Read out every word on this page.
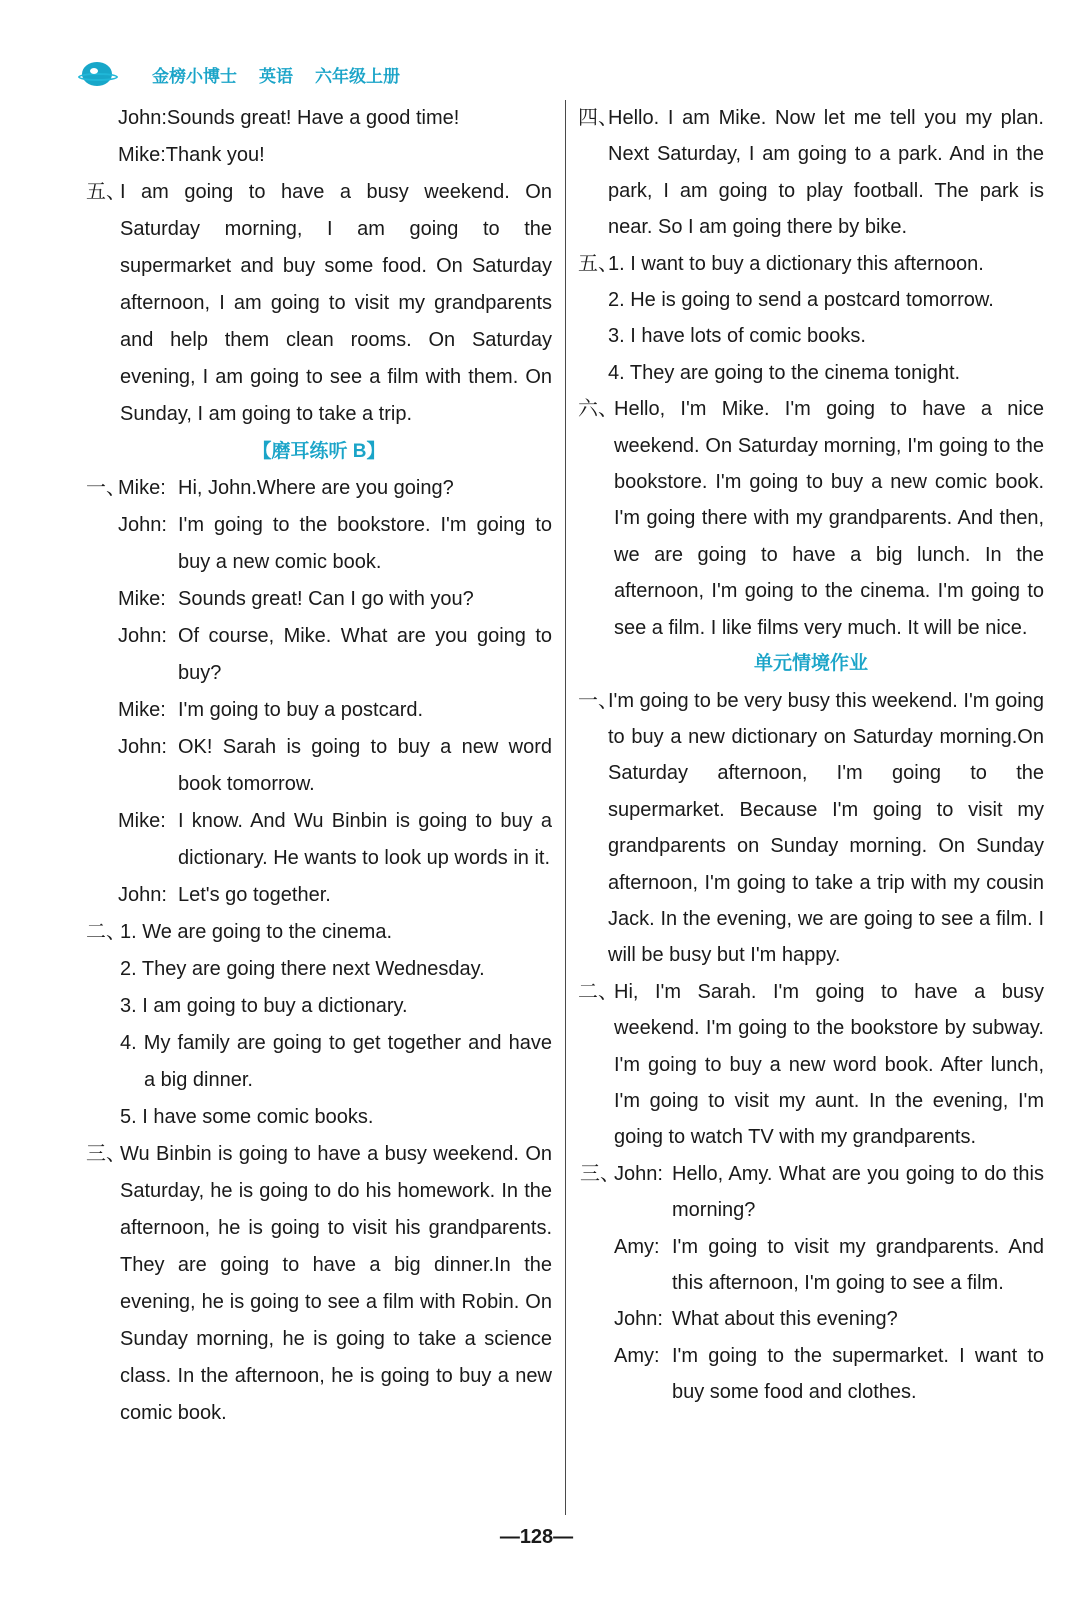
金榜小博士 英语 六年级上册
John:Sounds great! Have a good time!
Mike:Thank you!
五、
I am going to have a busy weekend. On Saturday morning, I am going to the supermarket and buy some food. On Saturday afternoon, I am going to visit my grandparents and help them clean rooms. On Saturday evening, I am going to see a film with them. On Sunday, I am going to take a trip.
【磨耳练听 B】
一、
Mike: Hi, John.Where are you going?
John: I'm going to the bookstore. I'm going to buy a new comic book.
Mike: Sounds great! Can I go with you?
John: Of course, Mike. What are you going to buy?
Mike: I'm going to buy a postcard.
John: OK! Sarah is going to buy a new word book tomorrow.
Mike: I know. And Wu Binbin is going to buy a dictionary. He wants to look up words in it.
John: Let's go together.
二、
1. We are going to the cinema.
2. They are going there next Wednesday.
3. I am going to buy a dictionary.
4. My family are going to get together and have a big dinner.
5. I have some comic books.
三、
Wu Binbin is going to have a busy weekend. On Saturday, he is going to do his homework. In the afternoon, he is going to visit his grandparents. They are going to have a big dinner.In the evening, he is going to see a film with Robin. On Sunday morning, he is going to take a science class. In the afternoon, he is going to buy a new comic book.
四、
Hello. I am Mike. Now let me tell you my plan. Next Saturday, I am going to a park. And in the park, I am going to play football. The park is near. So I am going there by bike.
五、
1. I want to buy a dictionary this afternoon.
2. He is going to send a postcard tomorrow.
3. I have lots of comic books.
4. They are going to the cinema tonight.
六、
Hello, I'm Mike. I'm going to have a nice weekend. On Saturday morning, I'm going to the bookstore. I'm going to buy a new comic book. I'm going there with my grandparents. And then, we are going to have a big lunch. In the afternoon, I'm going to the cinema. I'm going to see a film. I like films very much. It will be nice.
单元情境作业
一、
I'm going to be very busy this weekend. I'm going to buy a new dictionary on Saturday morning.On Saturday afternoon, I'm going to the supermarket. Because I'm going to visit my grandparents on Sunday morning. On Sunday afternoon, I'm going to take a trip with my cousin Jack. In the evening, we are going to see a film. I will be busy but I'm happy.
二、
Hi, I'm Sarah. I'm going to have a busy weekend. I'm going to the bookstore by subway. I'm going to buy a new word book. After lunch, I'm going to visit my aunt. In the evening, I'm going to watch TV with my grandparents.
三、
John: Hello, Amy. What are you going to do this morning?
Amy: I'm going to visit my grandparents. And this afternoon, I'm going to see a film.
John: What about this evening?
Amy: I'm going to the supermarket. I want to buy some food and clothes.
—128—
